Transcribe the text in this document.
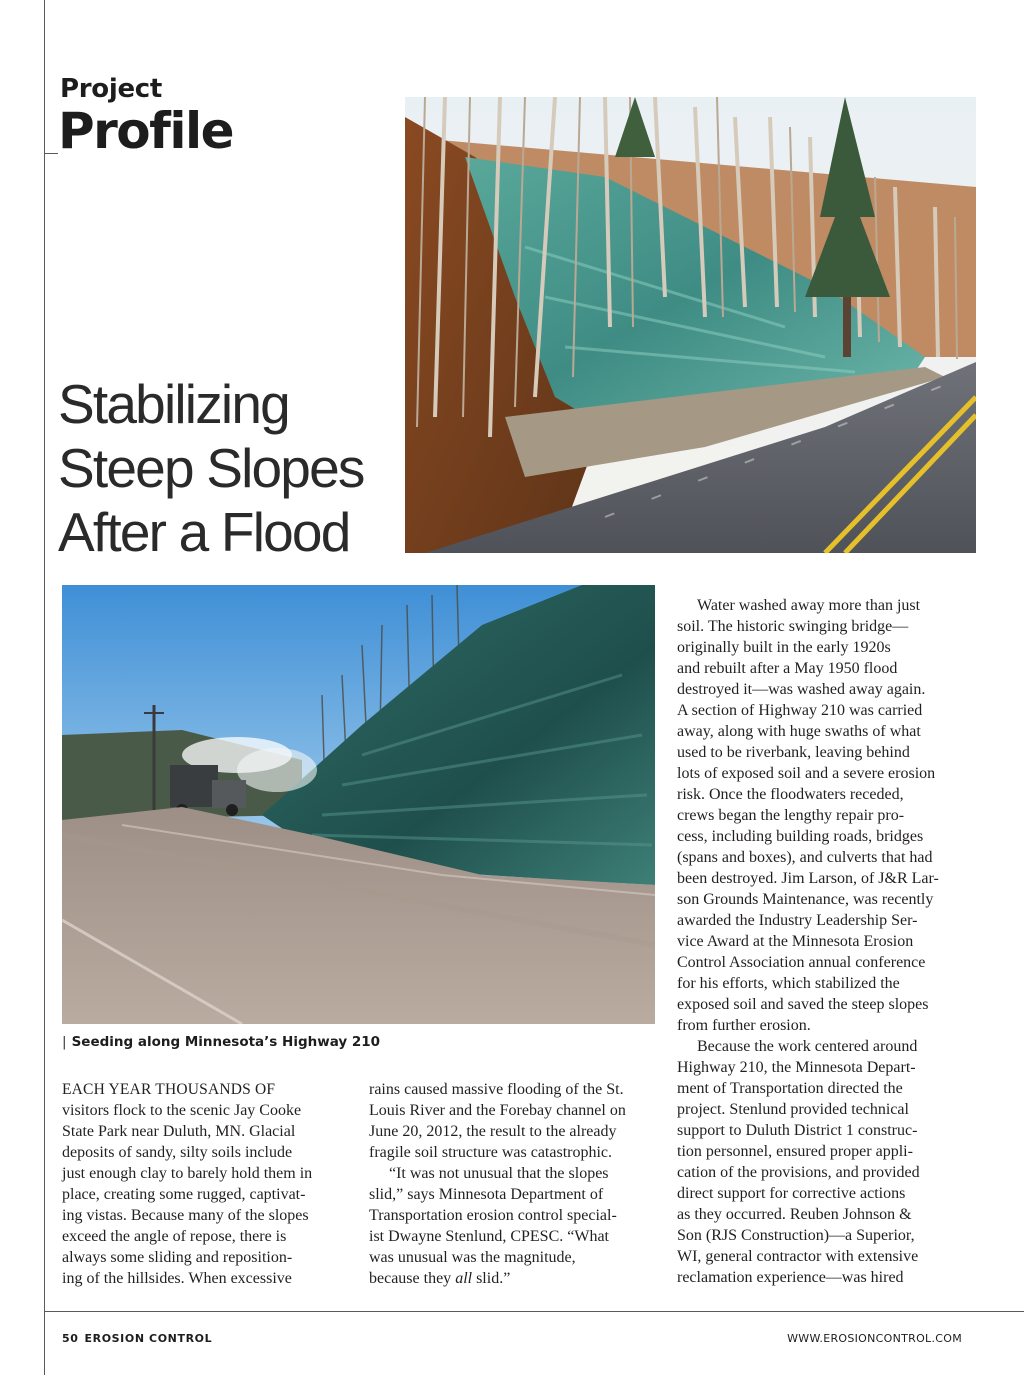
Project
Profile
Stabilizing
Steep Slopes
After a Flood
| Seeding along Minnesota’s Highway 210

EACH YEAR THOUSANDS OF
visitors flock to the scenic Jay Cooke
State Park near Duluth, MN. Glacial
deposits of sandy, silty soils include
just enough clay to barely hold them in
place, creating some rugged, captivat-
ing vistas. Because many of the slopes
exceed the angle of repose, there is
always some sliding and reposition-
ing of the hillsides. When excessive

rains caused massive flooding of the St.
Louis River and the Forebay channel on
June 20, 2012, the result to the already
fragile soil structure was catastrophic.

“It was not unusual that the slopes
slid,” says Minnesota Department of
Transportation erosion control special-
ist Dwayne Stenlund, CPESC. “What
was unusual was the magnitude,
because they all slid.”

Water washed away more than just
soil. The historic swinging bridge—
originally built in the early 1920s
and rebuilt after a May 1950 flood
destroyed it—was washed away again.
A section of Highway 210 was carried
away, along with huge swaths of what
used to be riverbank, leaving behind
lots of exposed soil and a severe erosion
risk. Once the floodwaters receded,
crews began the lengthy repair pro-
cess, including building roads, bridges
(spans and boxes), and culverts that had
been destroyed. Jim Larson, of J&R Lar-
son Grounds Maintenance, was recently
awarded the Industry Leadership Ser-
vice Award at the Minnesota Erosion
Control Association annual conference
for his efforts, which stabilized the
exposed soil and saved the steep slopes
from further erosion.

Because the work centered around
Highway 210, the Minnesota Depart-
ment of Transportation directed the
project. Stenlund provided technical
support to Duluth District 1 construc-
tion personnel, ensured proper appli-
cation of the provisions, and provided
direct support for corrective actions
as they occurred. Reuben Johnson &
Son (RJS Construction)—a Superior,
WI, general contractor with extensive
reclamation experience—was hired

50 EROSION CONTROL	WWW.EROSIONCONTROL.COM
